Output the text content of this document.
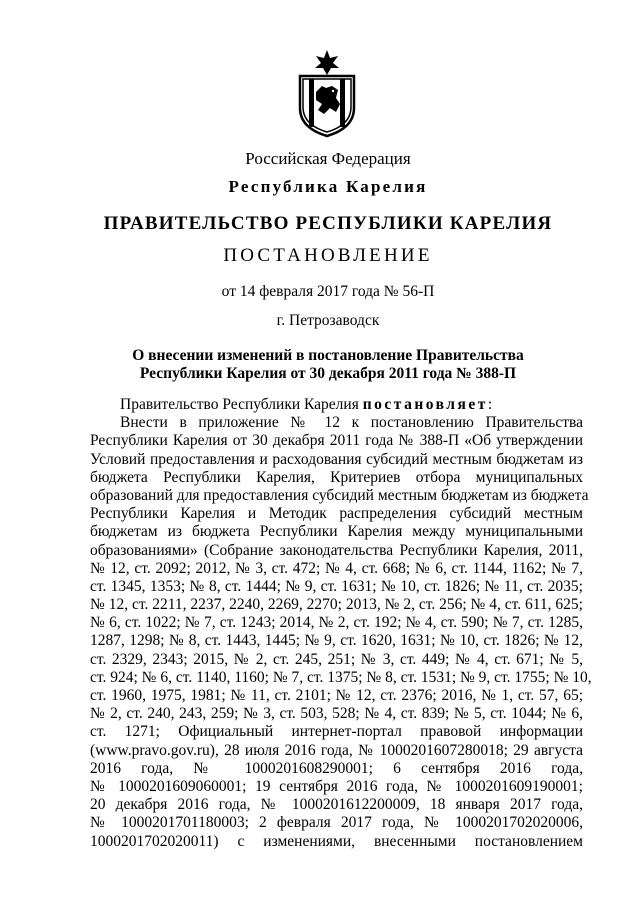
Российская Федерация
Республика Карелия
ПРАВИТЕЛЬСТВО РЕСПУБЛИКИ КАРЕЛИЯ
ПОСТАНОВЛЕНИЕ
от 14 февраля 2017 года № 56-П
г. Петрозаводск
О внесении изменений в постановление Правительства
Республики Карелия от 30 декабря 2011 года № 388-П
Правительство Республики Карелия постановляет:
Внести в приложение № 12 к постановлению Правительства
Республики Карелия от 30 декабря 2011 года № 388-П «Об утверждении
Условий предоставления и расходования субсидий местным бюджетам из
бюджета Республики Карелия, Критериев отбора муниципальных
образований для предоставления субсидий местным бюджетам из бюджета
Республики Карелия и Методик распределения субсидий местным
бюджетам из бюджета Республики Карелия между муниципальными
образованиями» (Собрание законодательства Республики Карелия, 2011,
№ 12, ст. 2092; 2012, № 3, ст. 472; № 4, ст. 668; № 6, ст. 1144, 1162; № 7,
ст. 1345, 1353; № 8, ст. 1444; № 9, ст. 1631; № 10, ст. 1826; № 11, ст. 2035;
№ 12, ст. 2211, 2237, 2240, 2269, 2270; 2013, № 2, ст. 256; № 4, ст. 611, 625;
№ 6, ст. 1022; № 7, ст. 1243; 2014, № 2, ст. 192; № 4, ст. 590; № 7, ст. 1285,
1287, 1298; № 8, ст. 1443, 1445; № 9, ст. 1620, 1631; № 10, ст. 1826; № 12,
ст. 2329, 2343; 2015, № 2, ст. 245, 251; № 3, ст. 449; № 4, ст. 671; № 5,
ст. 924; № 6, ст. 1140, 1160; № 7, ст. 1375; № 8, ст. 1531; № 9, ст. 1755; № 10,
ст. 1960, 1975, 1981; № 11, ст. 2101; № 12, ст. 2376; 2016, № 1, ст. 57, 65;
№ 2, ст. 240, 243, 259; № 3, ст. 503, 528; № 4, ст. 839; № 5, ст. 1044; № 6,
ст. 1271; Официальный интернет-портал правовой информации
(www.pravo.gov.ru), 28 июля 2016 года, № 1000201607280018; 29 августа
2016 года, № 1000201608290001; 6 сентября 2016 года,
№ 1000201609060001; 19 сентября 2016 года, № 1000201609190001;
20 декабря 2016 года, № 1000201612200009, 18 января 2017 года,
№ 1000201701180003; 2 февраля 2017 года, № 1000201702020006,
1000201702020011) с изменениями, внесенными постановлением
